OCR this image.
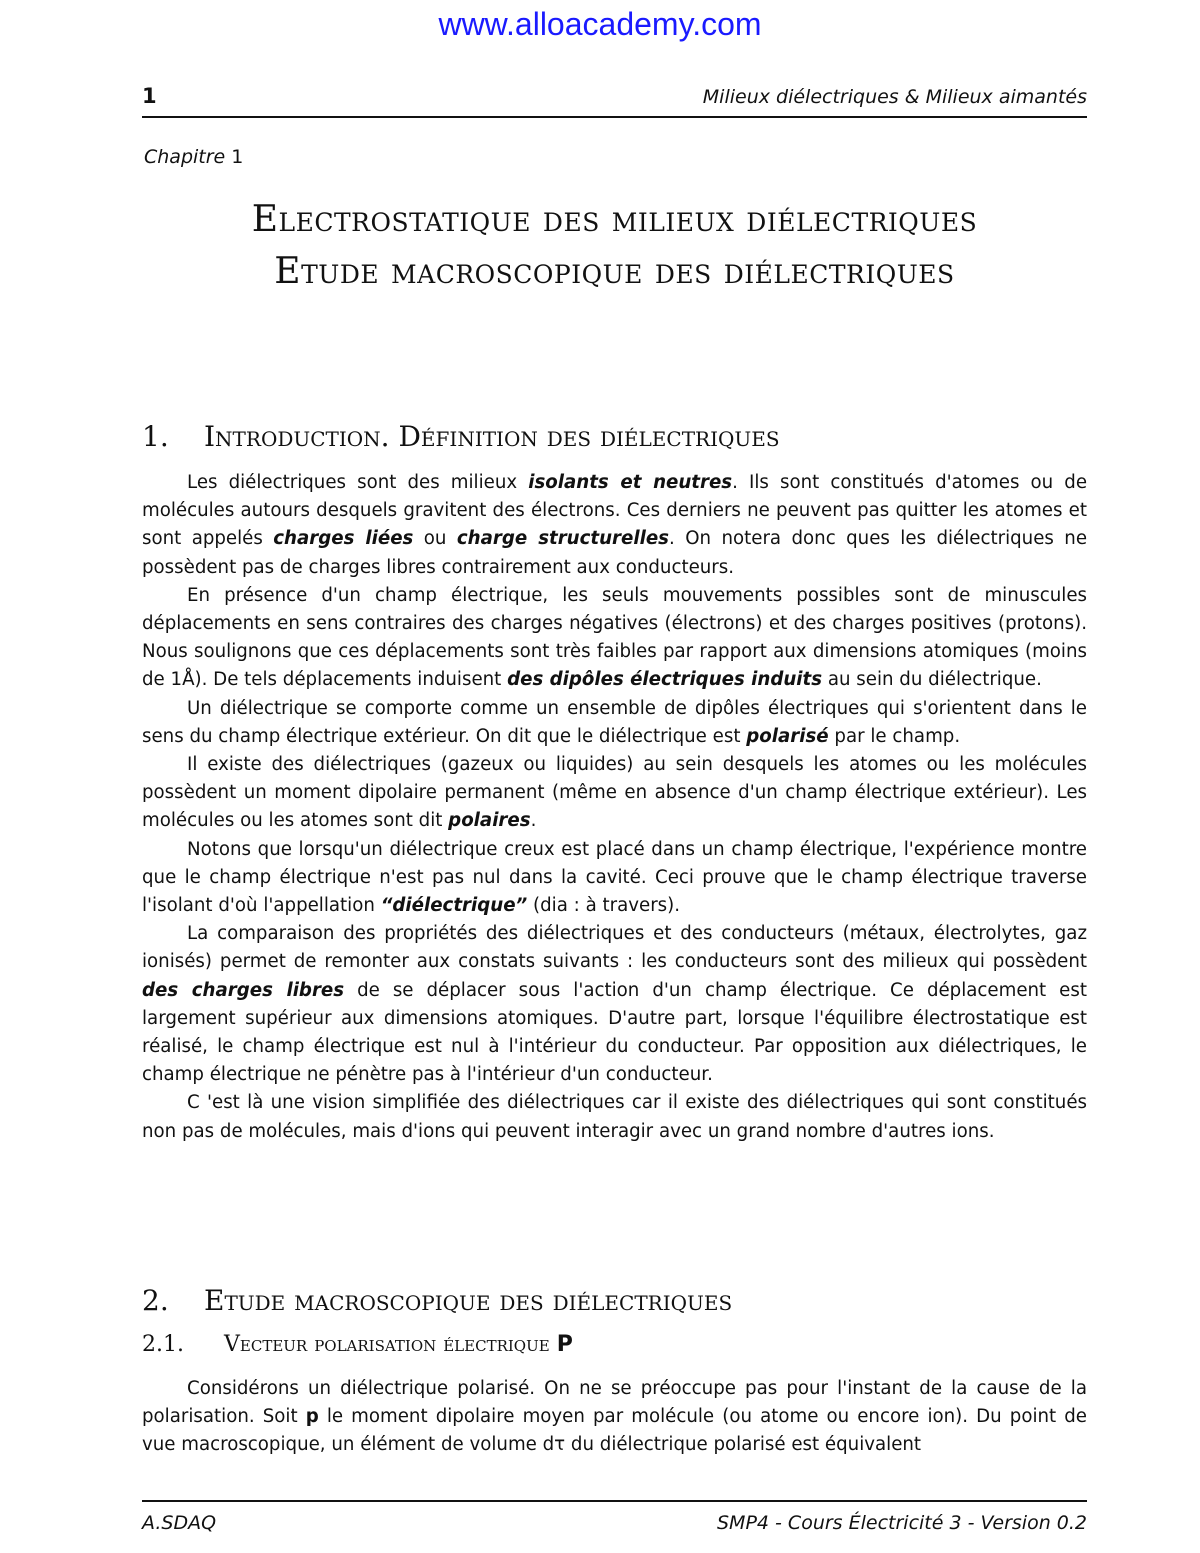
www.alloacademy.com
1	Milieux diélectriques & Milieux aimantés
Chapitre 1
Electrostatique des milieux diélectriques
Etude macroscopique des diélectriques
1. Introduction. Définition des diélectriques

Les diélectriques sont des milieux isolants et neutres. Ils sont constitués d'atomes ou de molécules autours desquels gravitent des électrons. Ces derniers ne peuvent pas quitter les atomes et sont appelés charges liées ou charge structurelles. On notera donc ques les diélectriques ne possèdent pas de charges libres contrairement aux conducteurs.

En présence d'un champ électrique, les seuls mouvements possibles sont de minuscules déplacements en sens contraires des charges négatives (électrons) et des charges positives (protons). Nous soulignons que ces déplacements sont très faibles par rapport aux dimensions atomiques (moins de 1Å). De tels déplacements induisent des dipôles électriques induits au sein du diélectrique.

Un diélectrique se comporte comme un ensemble de dipôles électriques qui s'orientent dans le sens du champ électrique extérieur. On dit que le diélectrique est polarisé par le champ.

Il existe des diélectriques (gazeux ou liquides) au sein desquels les atomes ou les molécules possèdent un moment dipolaire permanent (même en absence d'un champ électrique extérieur). Les molécules ou les atomes sont dit polaires.

Notons que lorsqu'un diélectrique creux est placé dans un champ électrique, l'expérience montre que le champ électrique n'est pas nul dans la cavité. Ceci prouve que le champ électrique traverse l'isolant d'où l'appellation “diélectrique” (dia : à travers).

La comparaison des propriétés des diélectriques et des conducteurs (métaux, électrolytes, gaz ionisés) permet de remonter aux constats suivants : les conducteurs sont des milieux qui possèdent des charges libres de se déplacer sous l'action d'un champ électrique. Ce déplacement est largement supérieur aux dimensions atomiques. D'autre part, lorsque l'équilibre électrostatique est réalisé, le champ électrique est nul à l'intérieur du conducteur. Par opposition aux diélectriques, le champ électrique ne pénètre pas à l'intérieur d'un conducteur.

C 'est là une vision simplifiée des diélectriques car il existe des diélectriques qui sont constitués non pas de molécules, mais d'ions qui peuvent interagir avec un grand nombre d'autres ions.

2. Etude macroscopique des diélectriques
2.1. Vecteur polarisation électrique P

Considérons un diélectrique polarisé. On ne se préoccupe pas pour l'instant de la cause de la polarisation. Soit p le moment dipolaire moyen par molécule (ou atome ou encore ion). Du point de vue macroscopique, un élément de volume dτ du diélectrique polarisé est équivalent

A.SDAQ	SMP4 - Cours Électricité 3 - Version 0.2
